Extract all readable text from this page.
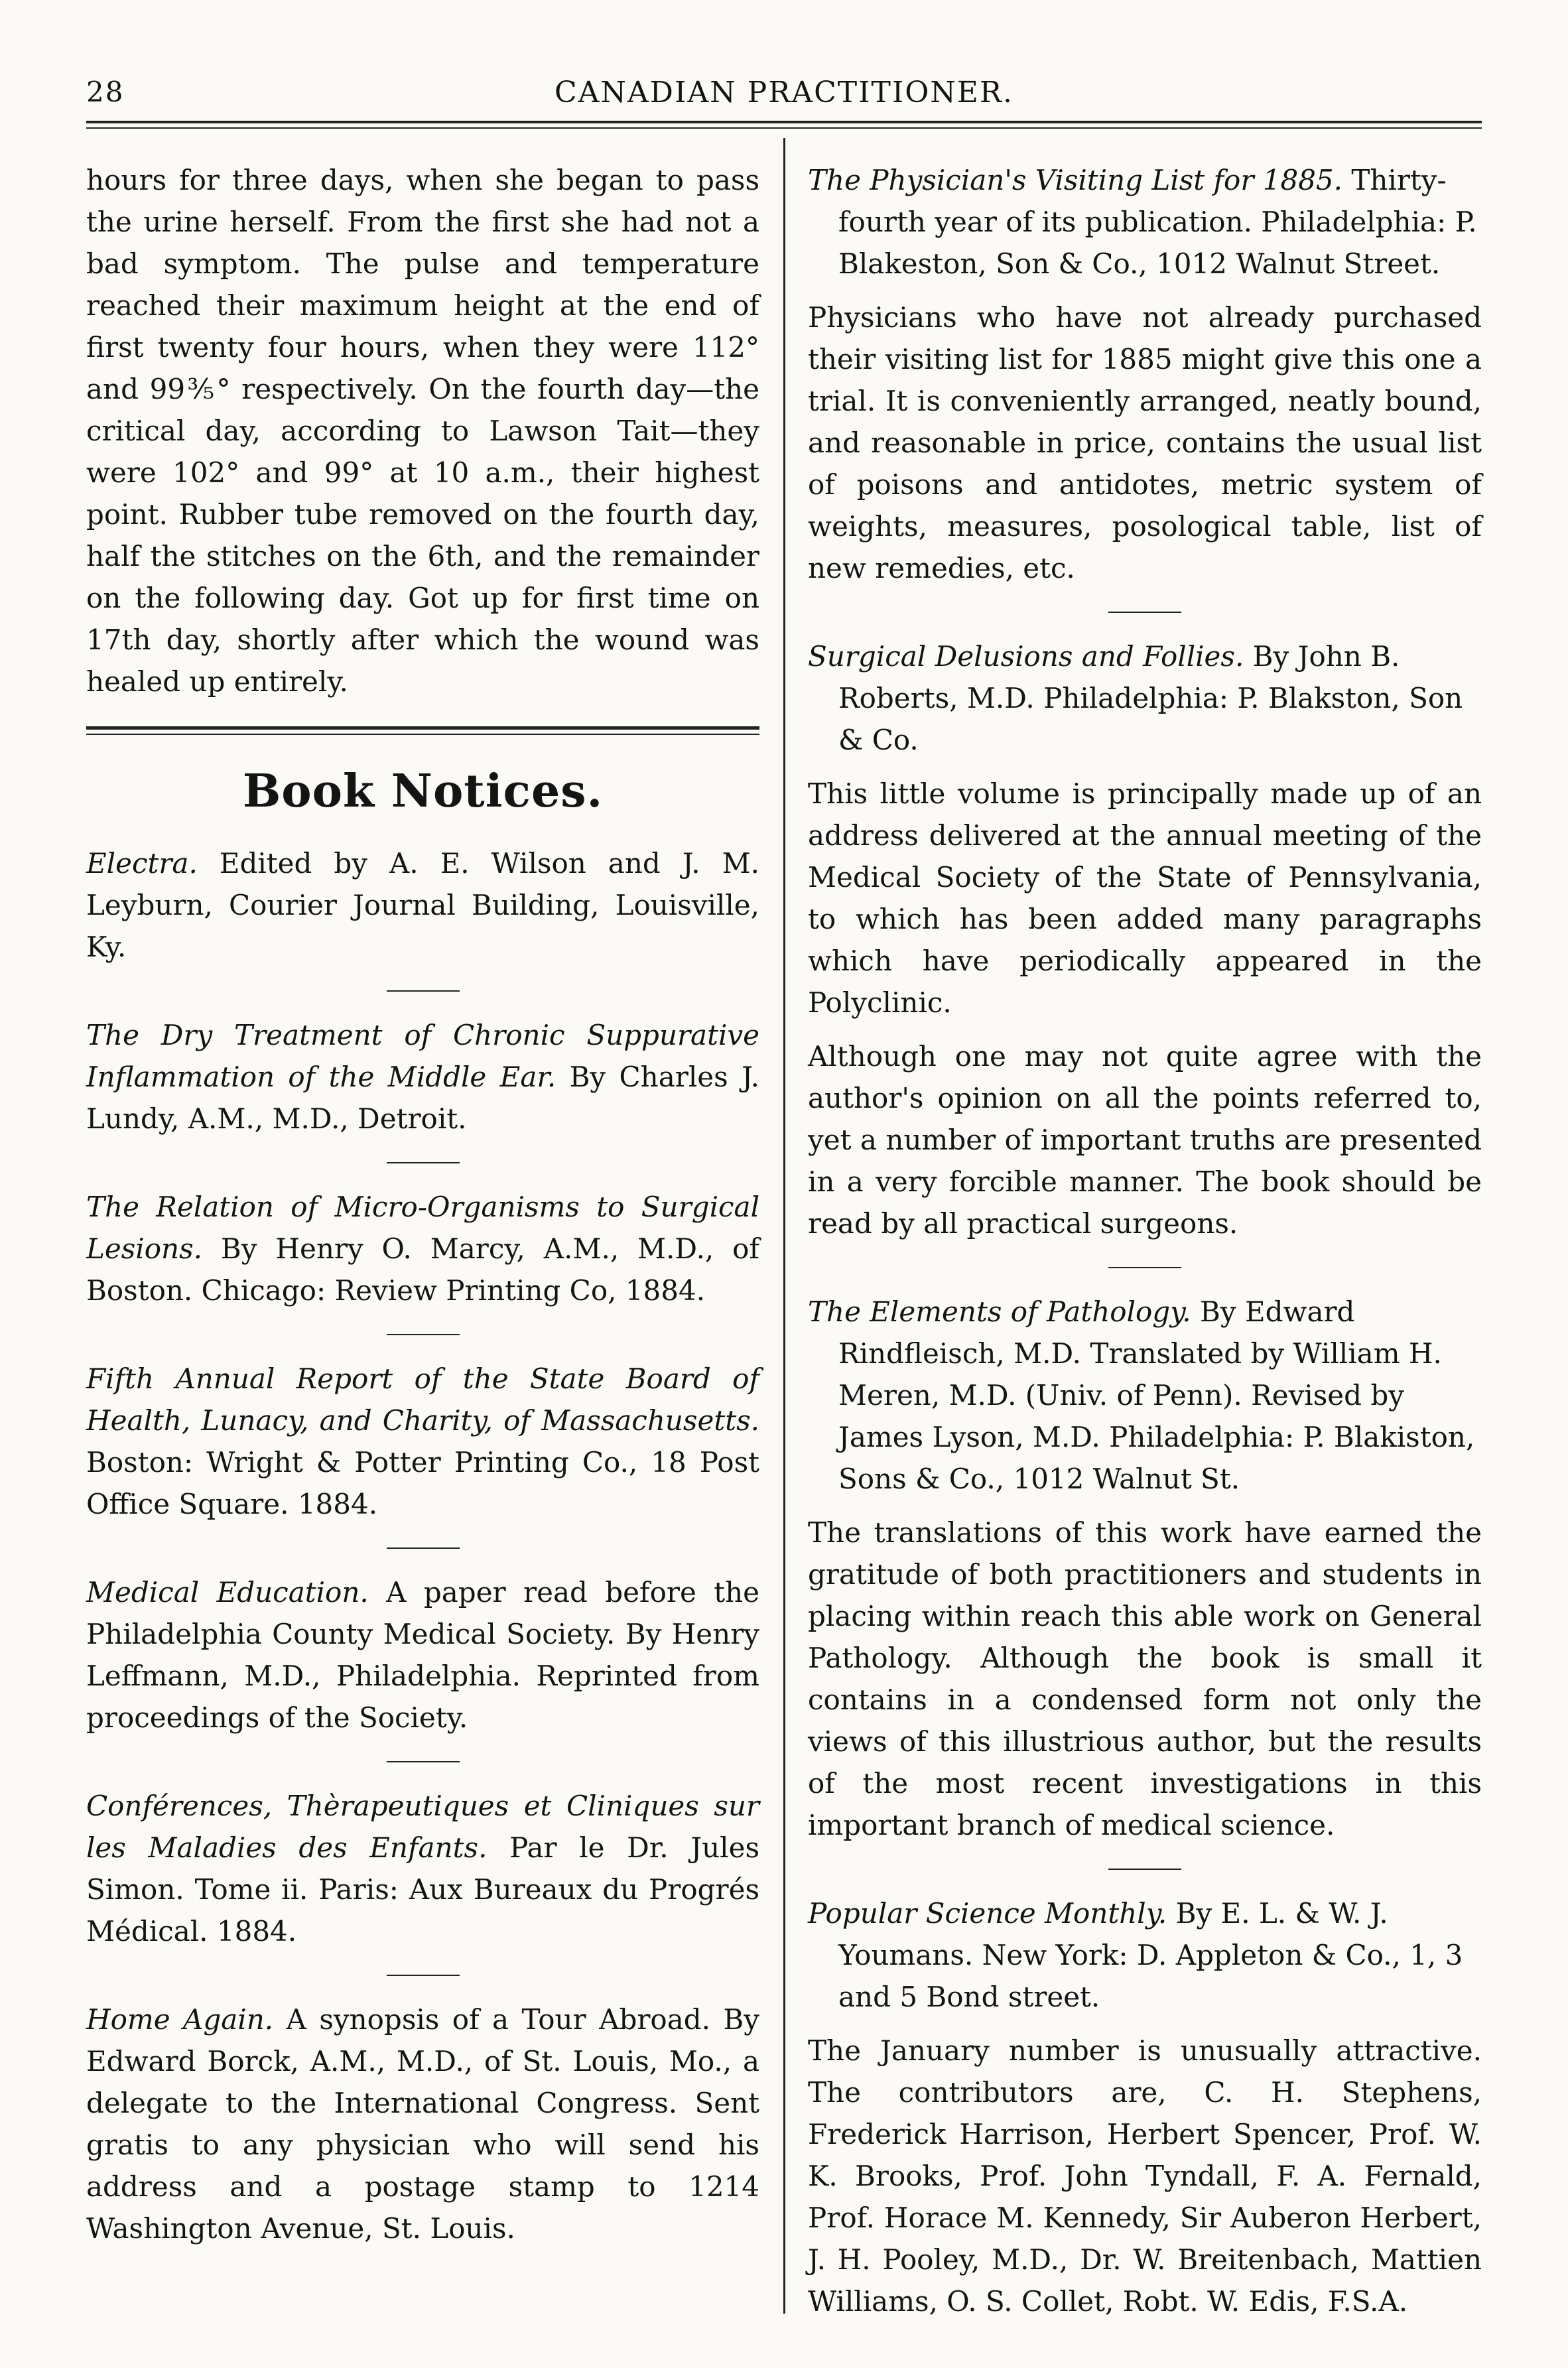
28	CANADIAN PRACTITIONER.

hours for three days, when she began to pass the urine herself. From the first she had not a bad symptom. The pulse and temperature reached their maximum height at the end of first twenty four hours, when they were 112° and 99⅗° respectively. On the fourth day—the critical day, according to Lawson Tait—they were 102° and 99° at 10 a.m., their highest point. Rubber tube removed on the fourth day, half the stitches on the 6th, and the remainder on the following day. Got up for first time on 17th day, shortly after which the wound was healed up entirely.

Book Notices.

Electra. Edited by A. E. Wilson and J. M. Leyburn, Courier Journal Building, Louisville, Ky.

The Dry Treatment of Chronic Suppurative Inflammation of the Middle Ear. By Charles J. Lundy, A.M., M.D., Detroit.

The Relation of Micro-Organisms to Surgical Lesions. By Henry O. Marcy, A.M., M.D., of Boston. Chicago: Review Printing Co, 1884.

Fifth Annual Report of the State Board of Health, Lunacy, and Charity, of Massachusetts. Boston: Wright & Potter Printing Co., 18 Post Office Square. 1884.

Medical Education. A paper read before the Philadelphia County Medical Society. By Henry Leffmann, M.D., Philadelphia. Reprinted from proceedings of the Society.

Conférences, Thèrapeutiques et Cliniques sur les Maladies des Enfants. Par le Dr. Jules Simon. Tome ii. Paris: Aux Bureaux du Progrés Médical. 1884.

Home Again. A synopsis of a Tour Abroad. By Edward Borck, A.M., M.D., of St. Louis, Mo., a delegate to the International Congress. Sent gratis to any physician who will send his address and a postage stamp to 1214 Washington Avenue, St. Louis.

The Physician's Visiting List for 1885. Thirty-fourth year of its publication. Philadelphia: P. Blakeston, Son & Co., 1012 Walnut Street.

Physicians who have not already purchased their visiting list for 1885 might give this one a trial. It is conveniently arranged, neatly bound, and reasonable in price, contains the usual list of poisons and antidotes, metric system of weights, measures, posological table, list of new remedies, etc.

Surgical Delusions and Follies. By John B. Roberts, M.D. Philadelphia: P. Blakston, Son & Co.

This little volume is principally made up of an address delivered at the annual meeting of the Medical Society of the State of Pennsylvania, to which has been added many paragraphs which have periodically appeared in the Polyclinic.

Although one may not quite agree with the author's opinion on all the points referred to, yet a number of important truths are presented in a very forcible manner. The book should be read by all practical surgeons.

The Elements of Pathology. By Edward Rindfleisch, M.D. Translated by William H. Meren, M.D. (Univ. of Penn). Revised by James Lyson, M.D. Philadelphia: P. Blakiston, Sons & Co., 1012 Walnut St.

The translations of this work have earned the gratitude of both practitioners and students in placing within reach this able work on General Pathology. Although the book is small it contains in a condensed form not only the views of this illustrious author, but the results of the most recent investigations in this important branch of medical science.

Popular Science Monthly. By E. L. & W. J. Youmans. New York: D. Appleton & Co., 1, 3 and 5 Bond street.

The January number is unusually attractive. The contributors are, C. H. Stephens, Frederick Harrison, Herbert Spencer, Prof. W. K. Brooks, Prof. John Tyndall, F. A. Fernald, Prof. Horace M. Kennedy, Sir Auberon Herbert, J. H. Pooley, M.D., Dr. W. Breitenbach, Mattien Williams, O. S. Collet, Robt. W. Edis, F.S.A.
